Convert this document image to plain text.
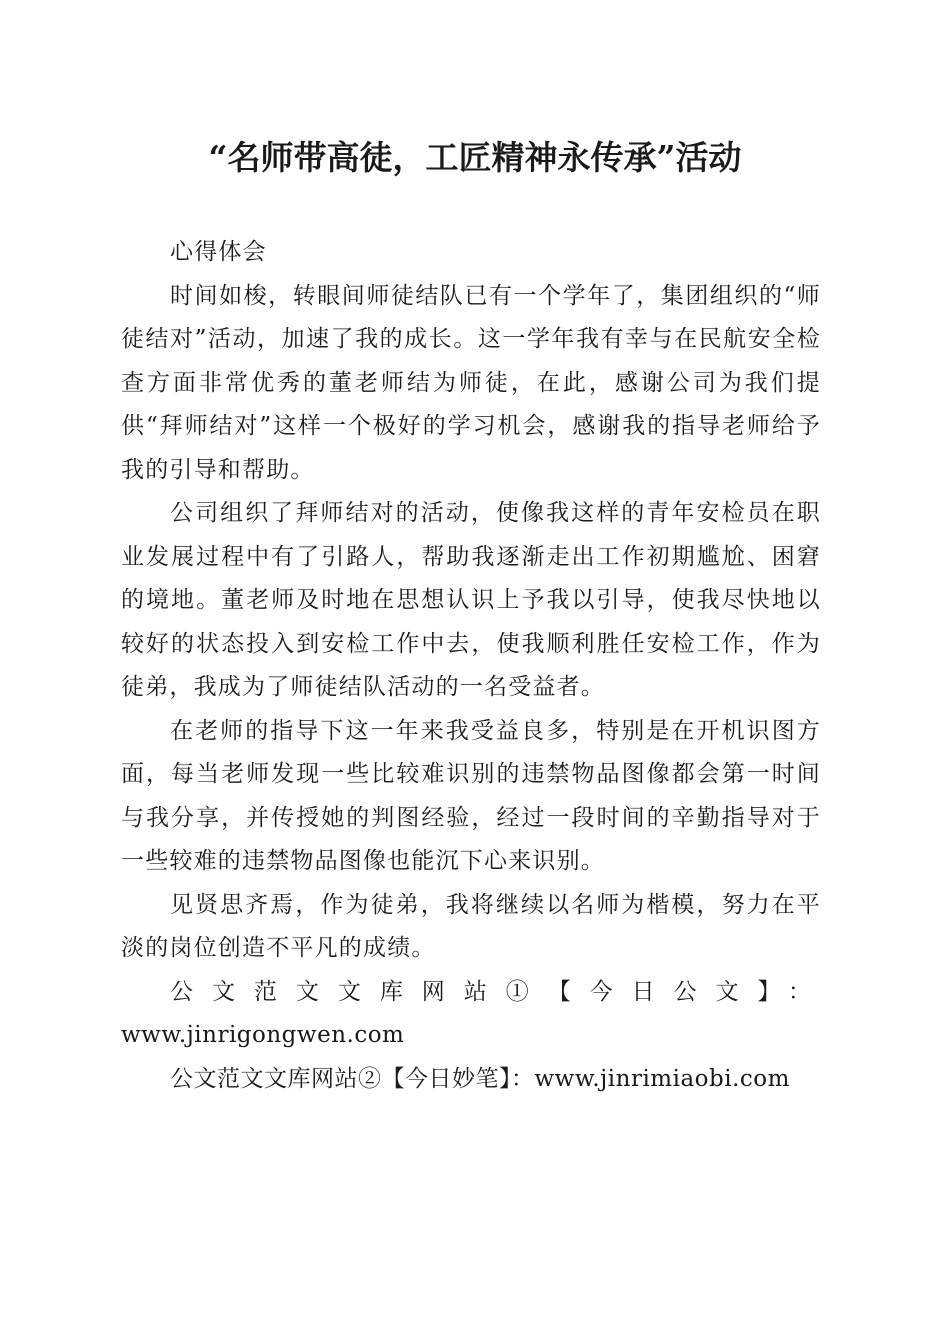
“名师带高徒，工匠精神永传承”活动

心得体会

时间如梭，转眼间师徒结队已有一个学年了，集团组织的“师徒结对”活动，加速了我的成长。这一学年我有幸与在民航安全检查方面非常优秀的董老师结为师徒，在此，感谢公司为我们提供“拜师结对”这样一个极好的学习机会，感谢我的指导老师给予我的引导和帮助。

公司组织了拜师结对的活动，使像我这样的青年安检员在职业发展过程中有了引路人，帮助我逐渐走出工作初期尴尬、困窘的境地。董老师及时地在思想认识上予我以引导，使我尽快地以较好的状态投入到安检工作中去，使我顺利胜任安检工作，作为徒弟，我成为了师徒结队活动的一名受益者。

在老师的指导下这一年来我受益良多，特别是在开机识图方面，每当老师发现一些比较难识别的违禁物品图像都会第一时间与我分享，并传授她的判图经验，经过一段时间的辛勤指导对于一些较难的违禁物品图像也能沉下心来识别。

见贤思齐焉，作为徒弟，我将继续以名师为楷模，努力在平淡的岗位创造不平凡的成绩。

公文范文文库网站①【今日公文】：www.jinrigongwen.com

公文范文文库网站②【今日妙笔】：www.jinrimiaobi.com
